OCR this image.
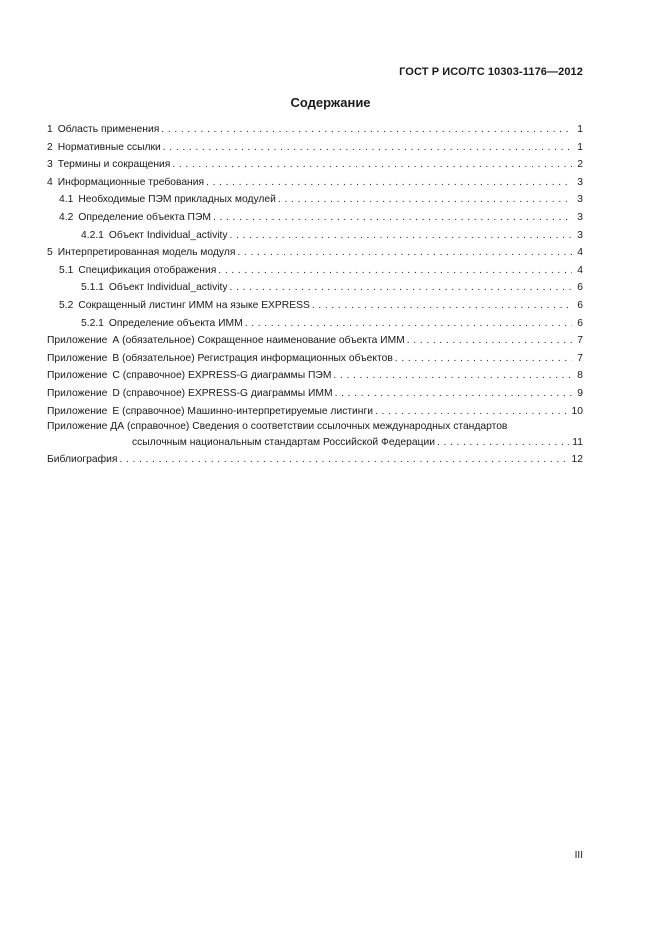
ГОСТ Р ИСО/ТС 10303-1176—2012
Содержание
1 Область применения . . .	1
2 Нормативные ссылки . . .	1
3 Термины и сокращения . . .	2
4 Информационные требования . . .	3
4.1 Необходимые ПЭМ прикладных модулей . . .	3
4.2 Определение объекта ПЭМ . . .	3
4.2.1 Объект Individual_activity . . .	3
5 Интерпретированная модель модуля . . .	4
5.1 Спецификация отображения . . .	4
5.1.1 Объект Individual_activity . . .	6
5.2 Сокращенный листинг ИММ на языке EXPRESS . . .	6
5.2.1 Определение объекта ИММ . . .	6
Приложение А (обязательное) Сокращенное наименование объекта ИММ . . .	7
Приложение В (обязательное) Регистрация информационных объектов . . .	7
Приложение С (справочное) EXPRESS-G диаграммы ПЭМ . . .	8
Приложение D (справочное) EXPRESS-G диаграммы ИММ . . .	9
Приложение Е (справочное) Машинно-интерпретируемые листинги . . .	10
Приложение ДА (справочное) Сведения о соответствии ссылочных международных стандартов
ссылочным национальным стандартам Российской Федерации . . .	11
Библиография . . .	12
III
